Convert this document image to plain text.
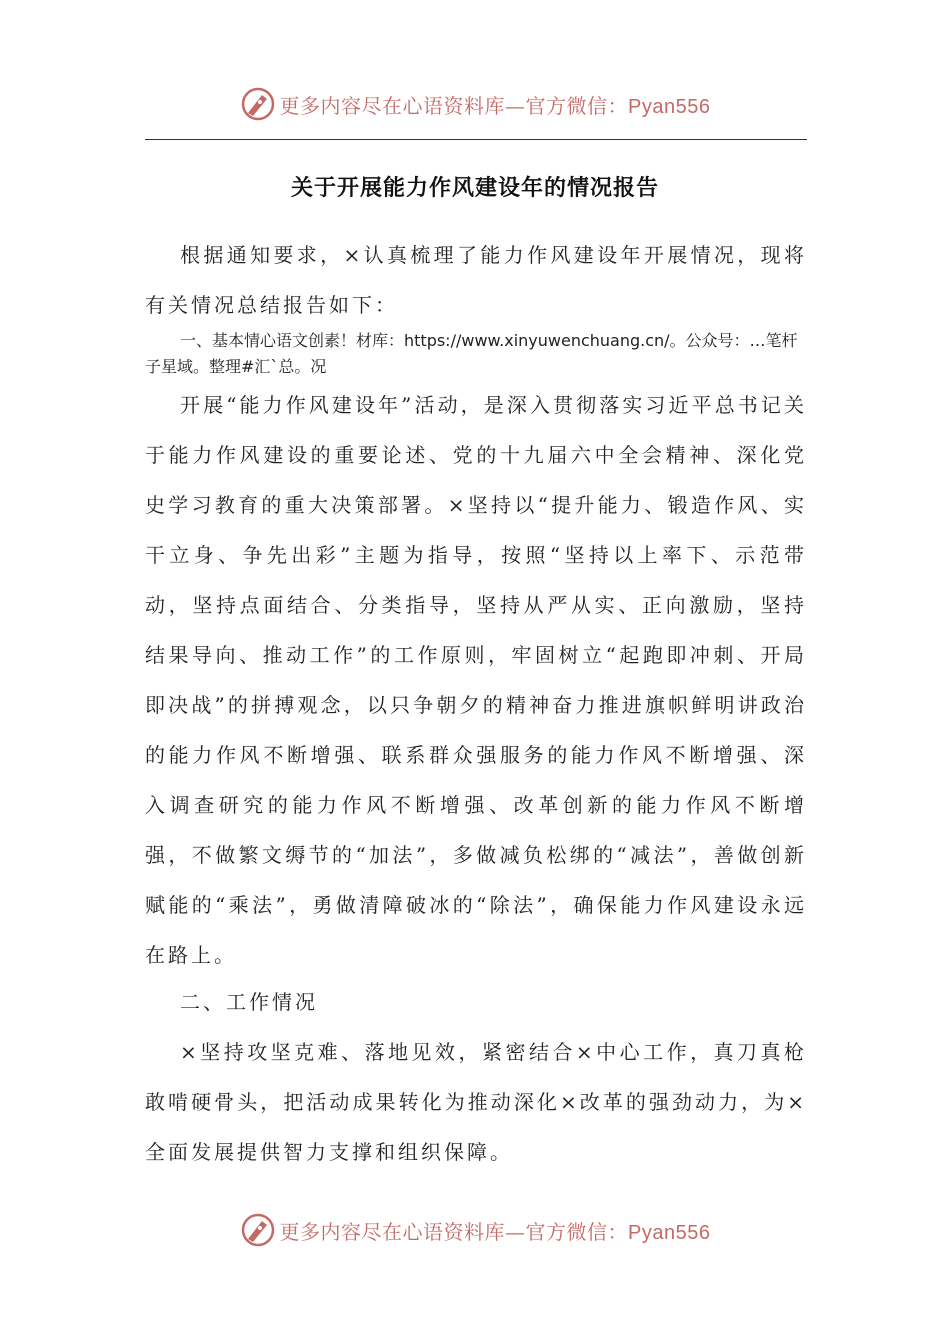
更多内容尽在心语资料库—官方微信：Pyan556
关于开展能力作风建设年的情况报告

根据通知要求，×认真梳理了能力作风建设年开展情况，现将有关情况总结报告如下：

一、基本情心语文创素！材库：https://www.xinyuwenchuang.cn/。公众号：…笔杆子星域。整理#汇`总。况

开展“能力作风建设年”活动，是深入贯彻落实习近平总书记关于能力作风建设的重要论述、党的十九届六中全会精神、深化党史学习教育的重大决策部署。×坚持以“提升能力、锻造作风、实干立身、争先出彩”主题为指导，按照“坚持以上率下、示范带动，坚持点面结合、分类指导，坚持从严从实、正向激励，坚持结果导向、推动工作”的工作原则，牢固树立“起跑即冲刺、开局即决战”的拼搏观念，以只争朝夕的精神奋力推进旗帜鲜明讲政治的能力作风不断增强、联系群众强服务的能力作风不断增强、深入调查研究的能力作风不断增强、改革创新的能力作风不断增强，不做繁文缛节的“加法”，多做减负松绑的“减法”，善做创新赋能的“乘法”，勇做清障破冰的“除法”，确保能力作风建设永远在路上。

二、工作情况

×坚持攻坚克难、落地见效，紧密结合×中心工作，真刀真枪敢啃硬骨头，把活动成果转化为推动深化×改革的强劲动力，为×全面发展提供智力支撑和组织保障。

更多内容尽在心语资料库—官方微信：Pyan556
